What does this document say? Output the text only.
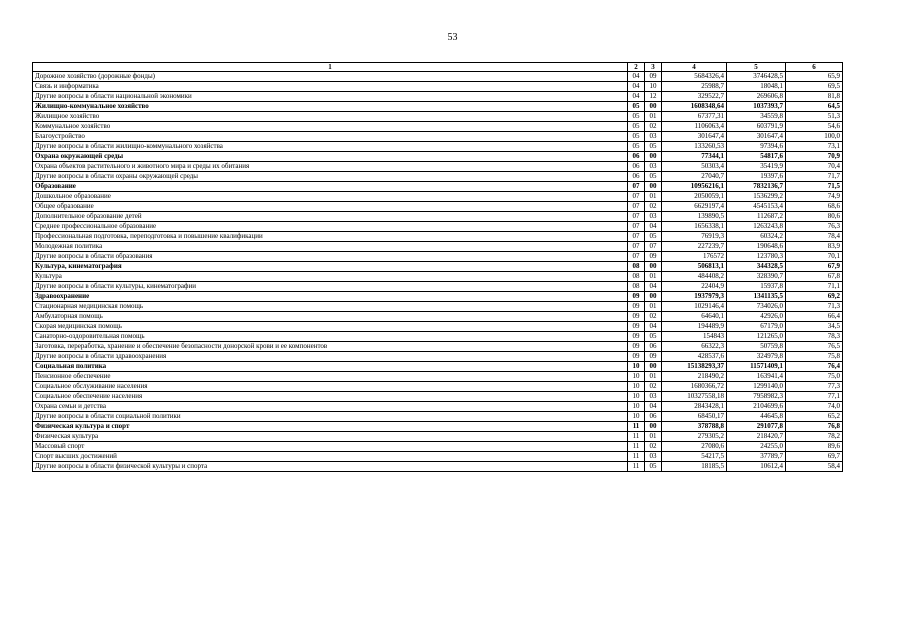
53
1	2	3	4	5	6
Дорожное хозяйство (дорожные фонды)	04	09	5684326,4	3746428,5	65,9
Связь и информатика	04	10	25988,7	18048,1	69,5
Другие вопросы в области национальной экономики	04	12	329522,7	269606,8	81,8
Жилищно-коммунальное хозяйство	05	00	1608348,64	1037393,7	64,5
Жилищное хозяйство	05	01	67377,31	34559,8	51,3
Коммунальное хозяйство	05	02	1106063,4	603791,9	54,6
Благоустройство	05	03	301647,4	301647,4	100,0
Другие вопросы в области жилищно-коммунального хозяйства	05	05	133260,53	97394,6	73,1
Охрана окружающей среды	06	00	77344,1	54817,6	70,9
Охрана объектов растительного и животного мира и среды их обитания	06	03	50303,4	35419,9	70,4
Другие вопросы в области охраны окружающей среды	06	05	27040,7	19397,6	71,7
Образование	07	00	10956216,1	7832136,7	71,5
Дошкольное образование	07	01	2050059,1	1536299,2	74,9
Общее образование	07	02	6629197,4	4545153,4	68,6
Дополнительное образование детей	07	03	139890,5	112687,2	80,6
Среднее профессиональное образование	07	04	1656338,1	1263243,8	76,3
Профессиональная подготовка, переподготовка и повышение квалификации	07	05	76919,3	60324,2	78,4
Молодежная политика	07	07	227239,7	190648,6	83,9
Другие вопросы в области образования	07	09	176572	123780,3	70,1
Культура, кинематография	08	00	506813,1	344328,5	67,9
Культура	08	01	484408,2	328390,7	67,8
Другие вопросы в области культуры, кинематографии	08	04	22404,9	15937,8	71,1
Здравоохранение	09	00	1937979,3	1341135,5	69,2
Стационарная медицинская помощь	09	01	1029146,4	734026,0	71,3
Амбулаторная помощь	09	02	64640,1	42926,0	66,4
Скорая медицинская помощь	09	04	194489,9	67179,0	34,5
Санаторно-оздоровительная помощь	09	05	154843	121265,0	78,3
Заготовка, переработка, хранение и обеспечение безопасности донорской крови и ее компонентов	09	06	66322,3	50759,8	76,5
Другие вопросы в области здравоохранения	09	09	428537,6	324979,8	75,8
Социальная политика	10	00	15138293,37	11571409,1	76,4
Пенсионное обеспечение	10	01	218490,2	163941,4	75,0
Социальное обслуживание населения	10	02	1680366,72	1299140,0	77,3
Социальное обеспечение населения	10	03	10327558,18	7958982,3	77,1
Охрана семьи и детства	10	04	2843428,1	2104699,6	74,0
Другие вопросы в области социальной политики	10	06	68450,17	44645,8	65,2
Физическая культура и спорт	11	00	378788,8	291077,8	76,8
Физическая культура	11	01	279305,2	218420,7	78,2
Массовый спорт	11	02	27080,6	24255,0	89,6
Спорт высших достижений	11	03	54217,5	37789,7	69,7
Другие вопросы в области физической культуры и спорта	11	05	18185,5	10612,4	58,4
